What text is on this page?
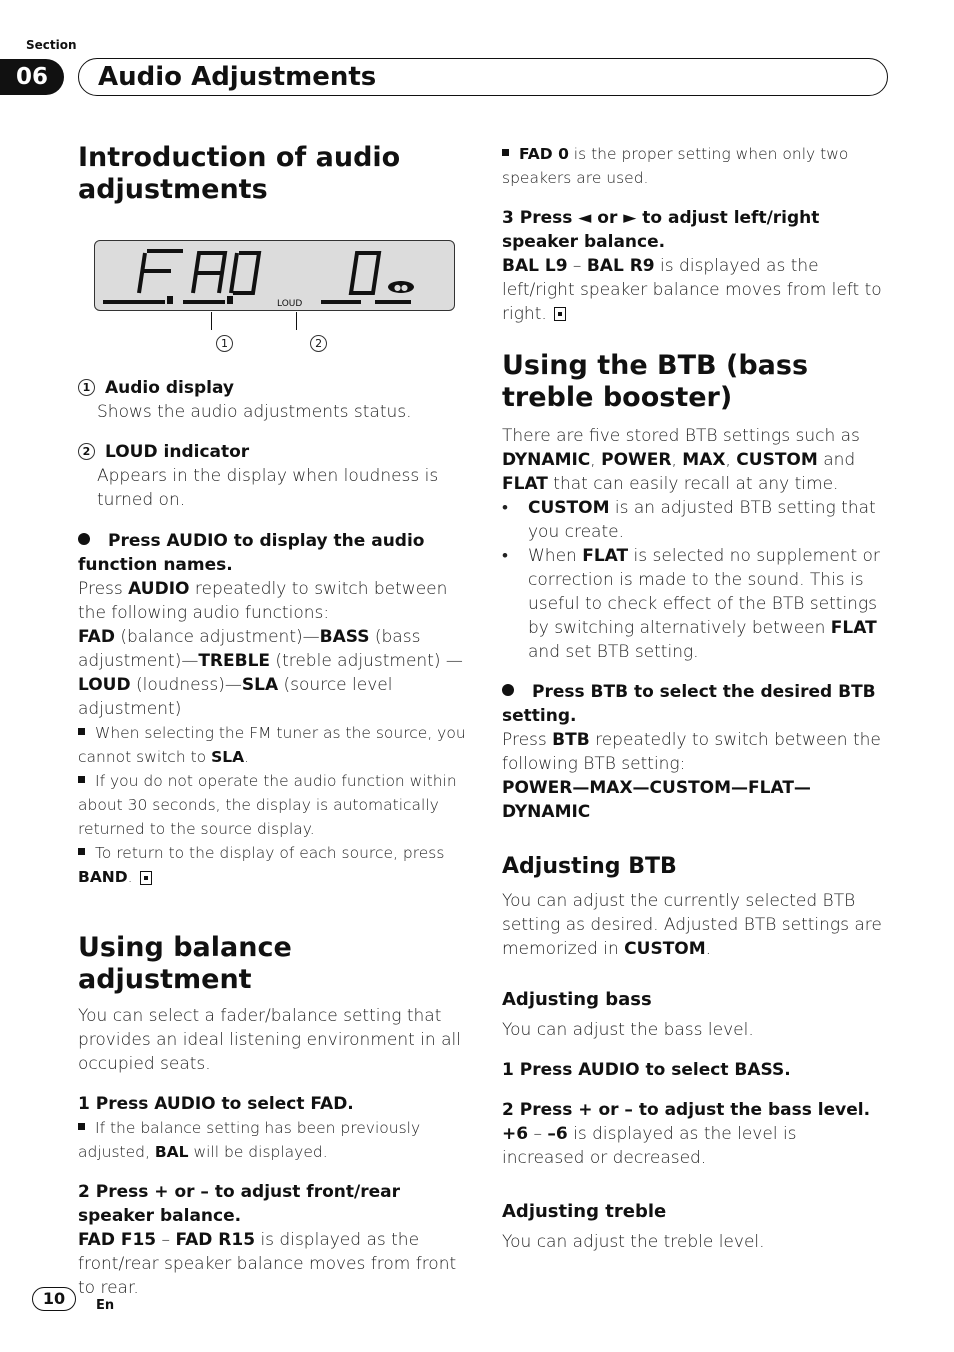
Section
06	Audio Adjustments
Introduction of audio adjustments
●●
LOUD
1	2
1 Audio display

Shows the audio adjustments status.

2 LOUD indicator

Appears in the display when loudness is turned on.

Press AUDIO to display the audio function names.

Press AUDIO repeatedly to switch between the following audio functions:

FAD (balance adjustment)—BASS (bass adjustment)—TREBLE (treble adjustment) —LOUD (loudness)—SLA (source level adjustment)

When selecting the FM tuner as the source, you cannot switch to SLA.

If you do not operate the audio function within about 30 seconds, the display is automatically returned to the source display.

To return to the display of each source, press BAND.

Using balance adjustment

You can select a fader/balance setting that provides an ideal listening environment in all occupied seats.

1 Press AUDIO to select FAD.

If the balance setting has been previously adjusted, BAL will be displayed.

2 Press + or – to adjust front/rear speaker balance.

FAD F15 – FAD R15 is displayed as the front/rear speaker balance moves from front to rear.

FAD 0 is the proper setting when only two speakers are used.

3 Press ◄ or ► to adjust left/right speaker balance.

BAL L9 – BAL R9 is displayed as the left/right speaker balance moves from left to right.

Using the BTB (bass treble booster)

There are five stored BTB settings such as DYNAMIC, POWER, MAX, CUSTOM and FLAT that can easily recall at any time.

• CUSTOM is an adjusted BTB setting that you create.

• When FLAT is selected no supplement or correction is made to the sound. This is useful to check effect of the BTB settings by switching alternatively between FLAT and set BTB setting.

Press BTB to select the desired BTB setting.

Press BTB repeatedly to switch between the following BTB setting:

POWER—MAX—CUSTOM—FLAT—DYNAMIC

Adjusting BTB

You can adjust the currently selected BTB setting as desired. Adjusted BTB settings are memorized in CUSTOM.

Adjusting bass

You can adjust the bass level.

1 Press AUDIO to select BASS.
2 Press + or – to adjust the bass level.

+6 – –6 is displayed as the level is increased or decreased.

Adjusting treble

You can adjust the treble level.

10	En
